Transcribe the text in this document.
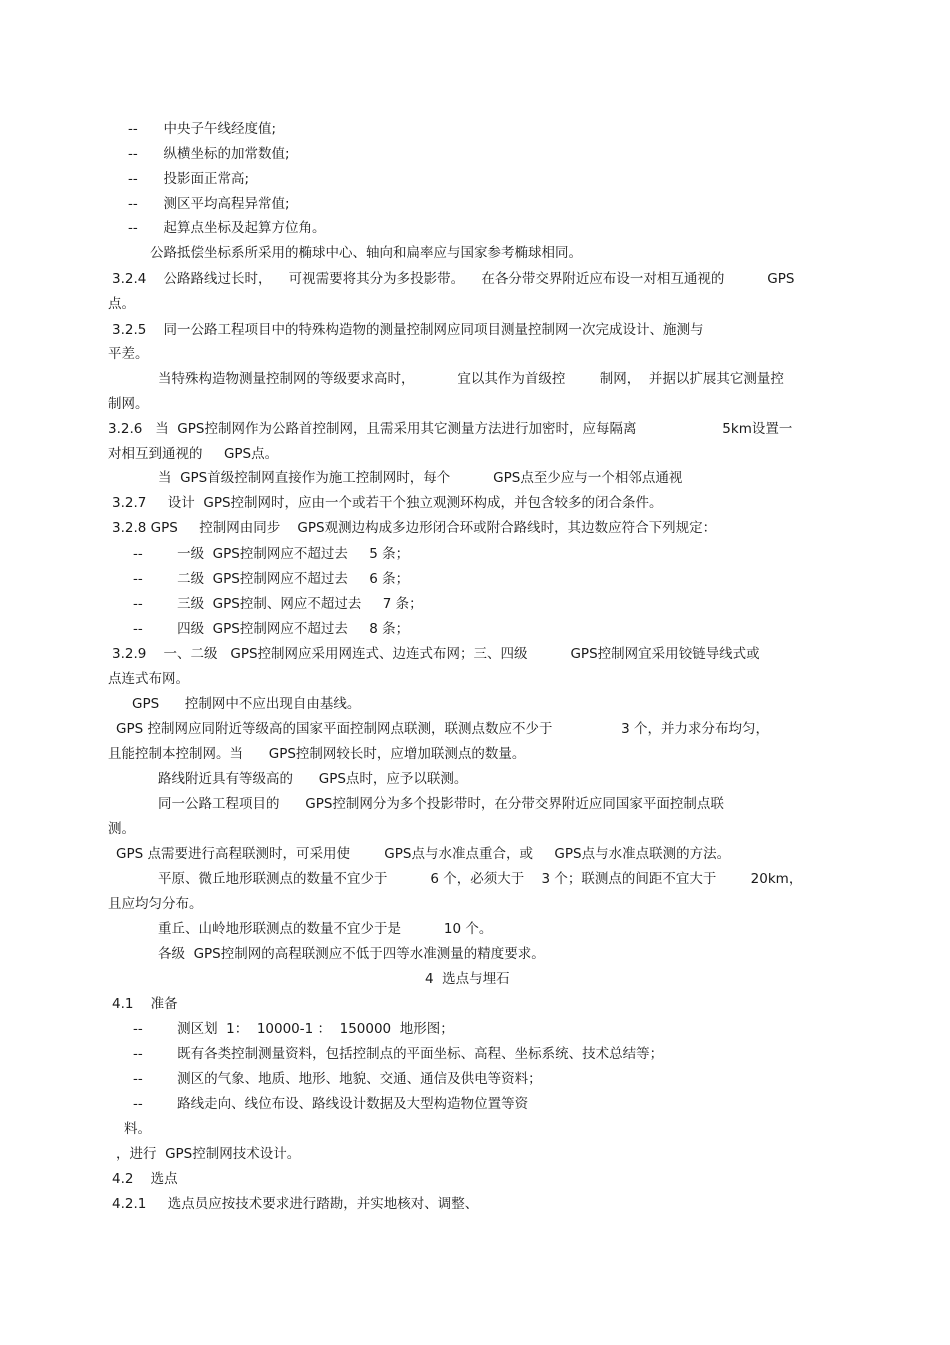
--      中央子午线经度值;
--      纵横坐标的加常数值;
--      投影面正常高;
--      测区平均高程异常值;
--      起算点坐标及起算方位角。
公路抵偿坐标系所采用的椭球中心、轴向和扁率应与国家参考椭球相同。
3.2.4    公路路线过长时，    可视需要将其分为多投影带。    在各分带交界附近应布设一对相互通视的          GPS
点。
3.2.5    同一公路工程项目中的特殊构造物的测量控制网应同项目测量控制网一次完成设计、施测与
平差。
当特殊构造物测量控制网的等级要求高时，          宜以其作为首级控        制网，  并据以扩展其它测量控
制网。
3.2.6   当  GPS控制网作为公路首控制网，且需采用其它测量方法进行加密时，应每隔离                    5km设置一
对相互到通视的     GPS点。
当  GPS首级控制网直接作为施工控制网时，每个          GPS点至少应与一个相邻点通视
3.2.7     设计  GPS控制网时，应由一个或若干个独立观测环构成，并包含较多的闭合条件。
3.2.8 GPS     控制网由同步    GPS观测边构成多边形闭合环或附合路线时，其边数应符合下列规定：
--        一级  GPS控制网应不超过去     5 条；
--        二级  GPS控制网应不超过去     6 条；
--        三级  GPS控制、网应不超过去     7 条；
--        四级  GPS控制网应不超过去     8 条；
3.2.9    一、二级   GPS控制网应采用网连式、边连式布网；三、四级          GPS控制网宜采用铰链导线式或
点连式布网。
GPS      控制网中不应出现自由基线。
GPS 控制网应同附近等级高的国家平面控制网点联测，联测点数应不少于                3 个，并力求分布均匀，
且能控制本控制网。当      GPS控制网较长时，应增加联测点的数量。
路线附近具有等级高的      GPS点时，应予以联测。
同一公路工程项目的      GPS控制网分为多个投影带时，在分带交界附近应同国家平面控制点联
测。
GPS 点需要进行高程联测时，可采用使        GPS点与水准点重合，或     GPS点与水准点联测的方法。
平原、微丘地形联测点的数量不宜少于          6 个，必须大于    3 个；联测点的间距不宜大于        20km，
且应均匀分布。
重丘、山岭地形联测点的数量不宜少于是          10 个。
各级  GPS控制网的高程联测应不低于四等水准测量的精度要求。
4  选点与埋石
4.1    准备
--        测区划  1：  10000-1 ：  150000  地形图；
--        既有各类控制测量资料，包括控制点的平面坐标、高程、坐标系统、技术总结等；
--        测区的气象、地质、地形、地貌、交通、通信及供电等资料；
--        路线走向、线位布设、路线设计数据及大型构造物位置等资
料。
，进行  GPS控制网技术设计。
4.2    选点
4.2.1     选点员应按技术要求进行踏勘，并实地核对、调整、
